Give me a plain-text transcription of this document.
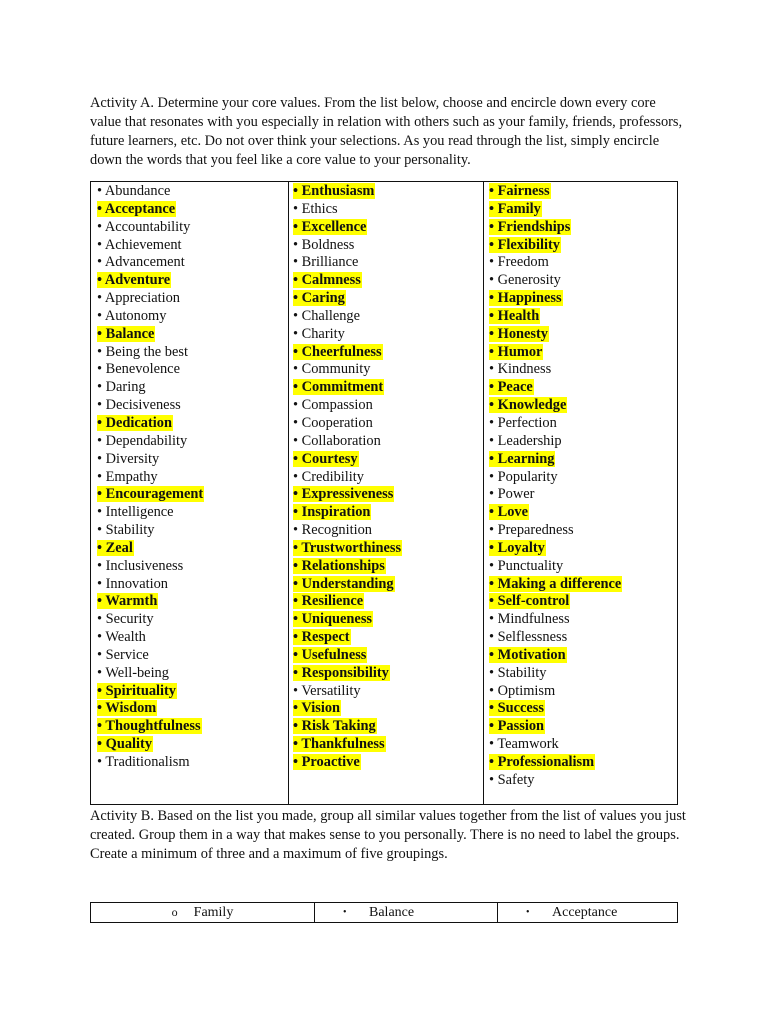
Activity A. Determine your core values. From the list below, choose and encircle down every core value that resonates with you especially in relation with others such as your family, friends, professors, future learners, etc. Do not over think your selections. As you read through the list, simply encircle down the words that you feel like a core value to your personality.

• Abundance
• Acceptance
• Accountability
• Achievement
• Advancement
• Adventure
• Appreciation
• Autonomy
• Balance
• Being the best
• Benevolence
• Daring
• Decisiveness
• Dedication
• Dependability
• Diversity
• Empathy
• Encouragement
• Intelligence
• Stability
• Zeal
• Inclusiveness
• Innovation
• Warmth
• Security
• Wealth
• Service
• Well-being
• Spirituality
• Wisdom
• Thoughtfulness
• Quality
• Traditionalism
• Enthusiasm
• Ethics
• Excellence
• Boldness
• Brilliance
• Calmness
• Caring
• Challenge
• Charity
• Cheerfulness
• Community
• Commitment
• Compassion
• Cooperation
• Collaboration
• Courtesy
• Credibility
• Expressiveness
• Inspiration
• Recognition
• Trustworthiness
• Relationships
• Understanding
• Resilience
• Uniqueness
• Respect
• Usefulness
• Responsibility
• Versatility
• Vision
• Risk Taking
• Thankfulness
• Proactive
• Fairness
• Family
• Friendships
• Flexibility
• Freedom
• Generosity
• Happiness
• Health
• Honesty
• Humor
• Kindness
• Peace
• Knowledge
• Perfection
• Leadership
• Learning
• Popularity
• Power
• Love
• Preparedness
• Loyalty
• Punctuality
• Making a difference
• Self-control
• Mindfulness
• Selflessness
• Motivation
• Stability
• Optimism
• Success
• Passion
• Teamwork
• Professionalism
• Safety

Activity B. Based on the list you made, group all similar values together from the list of values you just created. Group them in a way that makes sense to you personally. There is no need to label the groups. Create a minimum of three and a maximum of five groupings.

o	Family	•	Balance	•	Acceptance
